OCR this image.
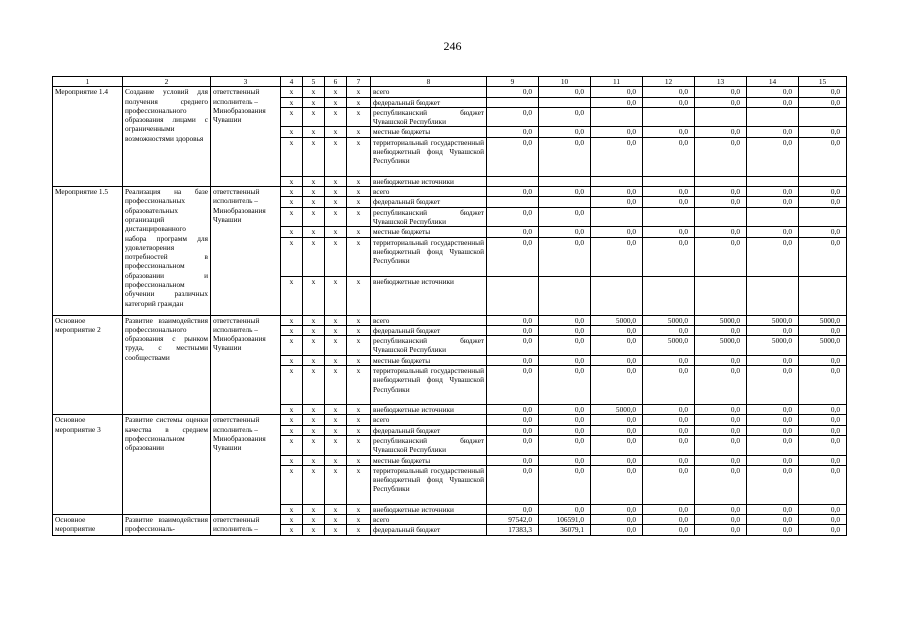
246
1	2	3	4	5	6	7	8	9	10	11	12	13	14	15
Мероприятие 1.4	Создание условий для получения среднего профессионального образования лицами с ограниченными возможностями здоровья	ответственный исполнитель – Минобразования Чувашии	x	x	x	x	всего	0,0	0,0	0,0	0,0	0,0	0,0	0,0
			x	x	x	x	федеральный бюджет			0,0	0,0	0,0	0,0	0,0
			x	x	x	x	республиканский бюджет Чувашской Республики	0,0	0,0					
			x	x	x	x	местные бюджеты	0,0	0,0	0,0	0,0	0,0	0,0	0,0
			x	x	x	x	территориальный государственный внебюджетный фонд Чувашской Республики	0,0	0,0	0,0	0,0	0,0	0,0	0,0
			x	x	x	x	внебюджетные источники							
Мероприятие 1.5	Реализация на базе профессиональных образовательных организаций дистанцированного набора программ для удовлетворения потребностей в профессиональном образовании и профессиональном обучении различных категорий граждан	ответственный исполнитель – Минобразования Чувашии	x	x	x	x	всего	0,0	0,0	0,0	0,0	0,0	0,0	0,0
			x	x	x	x	федеральный бюджет			0,0	0,0	0,0	0,0	0,0
			x	x	x	x	республиканский бюджет Чувашской Республики	0,0	0,0					
			x	x	x	x	местные бюджеты	0,0	0,0	0,0	0,0	0,0	0,0	0,0
			x	x	x	x	территориальный государственный внебюджетный фонд Чувашской Республики	0,0	0,0	0,0	0,0	0,0	0,0	0,0
			x	x	x	x	внебюджетные источники							
Основное мероприятие 2	Развитие взаимодействия профессионального образования с рынком труда, с местными сообществами	ответственный исполнитель – Минобразования Чувашии	x	x	x	x	всего	0,0	0,0	5000,0	5000,0	5000,0	5000,0	5000,0
			x	x	x	x	федеральный бюджет	0,0	0,0	0,0	0,0	0,0	0,0	0,0
			x	x	x	x	республиканский бюджет Чувашской Республики	0,0	0,0	0,0	5000,0	5000,0	5000,0	5000,0
			x	x	x	x	местные бюджеты	0,0	0,0	0,0	0,0	0,0	0,0	0,0
			x	x	x	x	территориальный государственный внебюджетный фонд Чувашской Республики	0,0	0,0	0,0	0,0	0,0	0,0	0,0
			x	x	x	x	внебюджетные источники	0,0	0,0	5000,0	0,0	0,0	0,0	0,0
Основное мероприятие 3	Развитие системы оценки качества в среднем профессиональном образовании	ответственный исполнитель – Минобразования Чувашии	x	x	x	x	всего	0,0	0,0	0,0	0,0	0,0	0,0	0,0
			x	x	x	x	федеральный бюджет	0,0	0,0	0,0	0,0	0,0	0,0	0,0
			x	x	x	x	республиканский бюджет Чувашской Республики	0,0	0,0	0,0	0,0	0,0	0,0	0,0
			x	x	x	x	местные бюджеты	0,0	0,0	0,0	0,0	0,0	0,0	0,0
			x	x	x	x	территориальный государственный внебюджетный фонд Чувашской Республики	0,0	0,0	0,0	0,0	0,0	0,0	0,0
			x	x	x	x	внебюджетные источники	0,0	0,0	0,0	0,0	0,0	0,0	0,0
Основное мероприятие	Развитие взаимодействия профессиональ-	ответственный исполнитель –	x	x	x	x	всего	97542,0	106591,0	0,0	0,0	0,0	0,0	0,0
			x	x	x	x	федеральный бюджет	17383,3	36079,1	0,0	0,0	0,0	0,0	0,0
